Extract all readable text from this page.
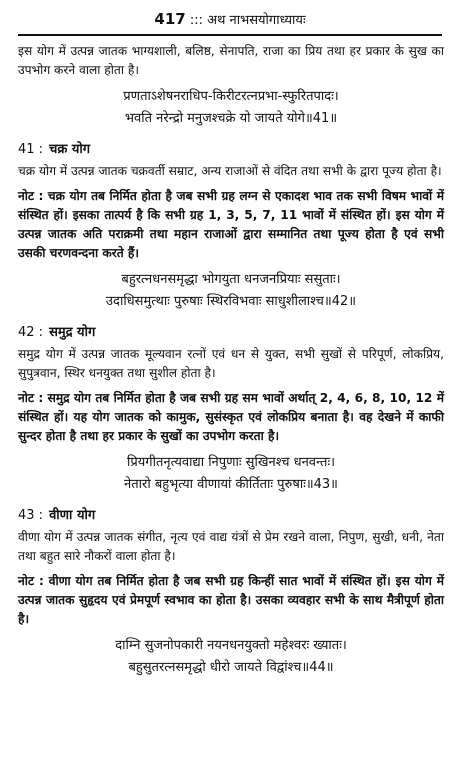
417 ::: अथ नाभसयोगाध्यायः

इस योग में उत्पन्न जातक भाग्यशाली, बलिष्ठ, सेनापति, राजा का प्रिय तथा हर प्रकार के सुख का उपभोग करने वाला होता है।

प्रणताऽशेषनराधिप-किरीटरत्नप्रभा-स्फुरितपादः।

भवति नरेन्द्रो मनुजश्चक्रे यो जायते योगे॥41॥

41 : चक्र योग

चक्र योग में उत्पन्न जातक चक्रवर्ती सम्राट, अन्य राजाओं से वंदित तथा सभी के द्वारा पूज्य होता है।

नोट : चक्र योग तब निर्मित होता है जब सभी ग्रह लग्न से एकादश भाव तक सभी विषम भावों में संस्थित हों। इसका तात्पर्य है कि सभी ग्रह 1, 3, 5, 7, 11 भावों में संस्थित हों। इस योग में उत्पन्न जातक अति पराक्रमी तथा महान राजाओं द्वारा सम्मानित तथा पूज्य होता है एवं सभी उसकी चरणवन्दना करते हैं।

बहुरत्नधनसमृद्धा भोगयुता धनजनप्रियाः ससुताः।

उदाधिसमुत्थाः पुरुषाः स्थिरविभवाः साधुशीलाश्च॥42॥

42 : समुद्र योग

समुद्र योग में उत्पन्न जातक मूल्यवान रत्नों एवं धन से युक्त, सभी सुखों से परिपूर्ण, लोकप्रिय, सुपुत्रवान, स्थिर धनयुक्त तथा सुशील होता है।

नोट : समुद्र योग तब निर्मित होता है जब सभी ग्रह सम भावों अर्थात् 2, 4, 6, 8, 10, 12 में संस्थित हों। यह योग जातक को कामुक, सुसंस्कृत एवं लोकप्रिय बनाता है। वह देखने में काफी सुन्दर होता है तथा हर प्रकार के सुखों का उपभोग करता है।

प्रियगीतनृत्यवाद्या निपुणाः सुखिनश्च धनवन्तः।

नेतारो बहुभृत्या वीणायां कीर्तिताः पुरुषाः॥43॥

43 : वीणा योग

वीणा योग में उत्पन्न जातक संगीत, नृत्य एवं वाद्य यंत्रों से प्रेम रखने वाला, निपुण, सुखी, धनी, नेता तथा बहुत सारे नौकरों वाला होता है।

नोट : वीणा योग तब निर्मित होता है जब सभी ग्रह किन्हीं सात भावों में संस्थित हों। इस योग में उत्पन्न जातक सुहृदय एवं प्रेमपूर्ण स्वभाव का होता है। उसका व्यवहार सभी के साथ मैत्रीपूर्ण होता है।

दाम्नि सुजनोपकारी नयनधनयुक्तो महेश्वरः ख्यातः।

बहुसुतरत्नसमृद्धो धीरो जायते विद्वांश्च॥44॥
